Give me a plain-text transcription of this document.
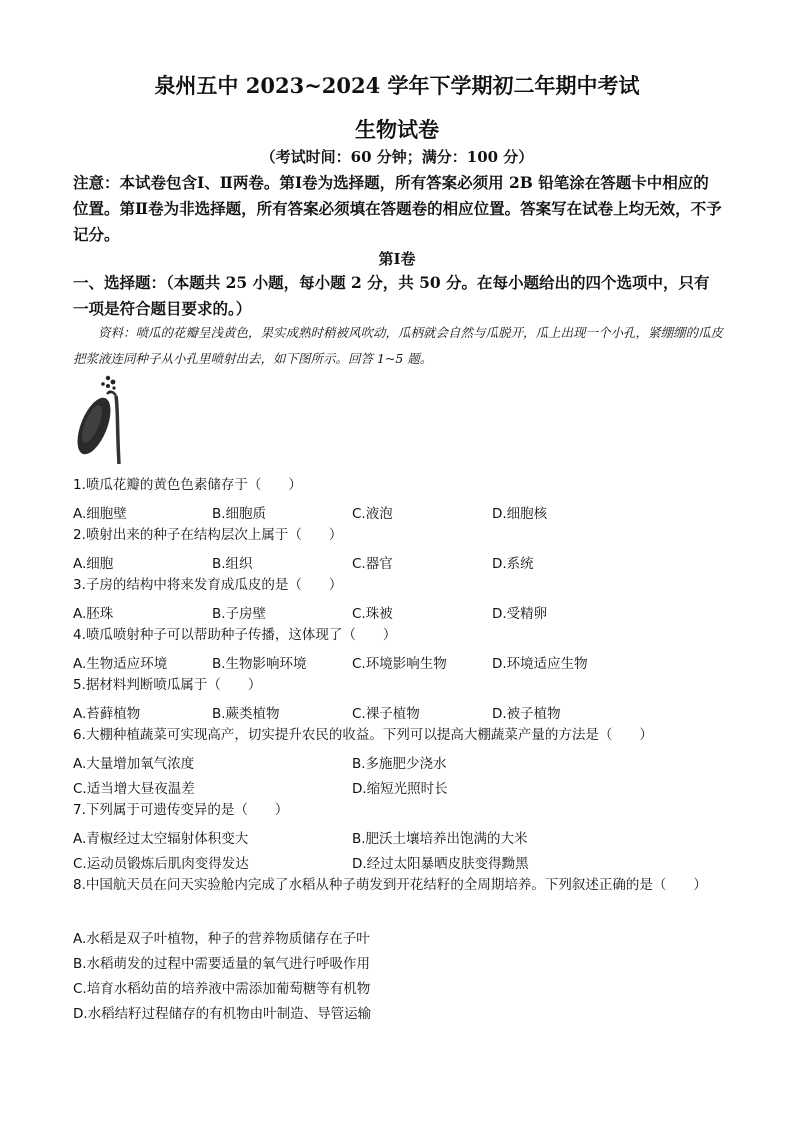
泉州五中 2023~2024 学年下学期初二年期中考试
生物试卷
（考试时间：60 分钟；满分：100 分）
注意：本试卷包含Ⅰ、Ⅱ两卷。第Ⅰ卷为选择题，所有答案必须用 2B 铅笔涂在答题卡中相应的位置。第Ⅱ卷为非选择题，所有答案必须填在答题卷的相应位置。答案写在试卷上均无效，不予记分。
第Ⅰ卷
一、选择题：（本题共 25 小题，每小题 2 分，共 50 分。在每小题给出的四个选项中，只有一项是符合题目要求的。）
资料：喷瓜的花瓣呈浅黄色，果实成熟时稍被风吹动，瓜柄就会自然与瓜脱开，瓜上出现一个小孔，紧绷绷的瓜皮把浆液连同种子从小孔里喷射出去，如下图所示。回答 1~5 题。
1.喷瓜花瓣的黄色色素储存于（　　）
A.细胞壁	B.细胞质	C.液泡	D.细胞核
2.喷射出来的种子在结构层次上属于（　　）
A.细胞	B.组织	C.器官	D.系统
3.子房的结构中将来发育成瓜皮的是（　　）
A.胚珠	B.子房壁	C.珠被	D.受精卵
4.喷瓜喷射种子可以帮助种子传播，这体现了（　　）
A.生物适应环境	B.生物影响环境	C.环境影响生物	D.环境适应生物
5.据材料判断喷瓜属于（　　）
A.苔藓植物	B.蕨类植物	C.裸子植物	D.被子植物
6.大棚种植蔬菜可实现高产，切实提升农民的收益。下列可以提高大棚蔬菜产量的方法是（　　）
A.大量增加氧气浓度	B.多施肥少浇水
C.适当增大昼夜温差	D.缩短光照时长
7.下列属于可遗传变异的是（　　）
A.青椒经过太空辐射体积变大	B.肥沃土壤培养出饱满的大米
C.运动员锻炼后肌肉变得发达	D.经过太阳暴晒皮肤变得黝黑
8.中国航天员在问天实验舱内完成了水稻从种子萌发到开花结籽的全周期培养。下列叙述正确的是（　　）
A.水稻是双子叶植物，种子的营养物质储存在子叶
B.水稻萌发的过程中需要适量的氧气进行呼吸作用
C.培育水稻幼苗的培养液中需添加葡萄糖等有机物
D.水稻结籽过程储存的有机物由叶制造、导管运输
